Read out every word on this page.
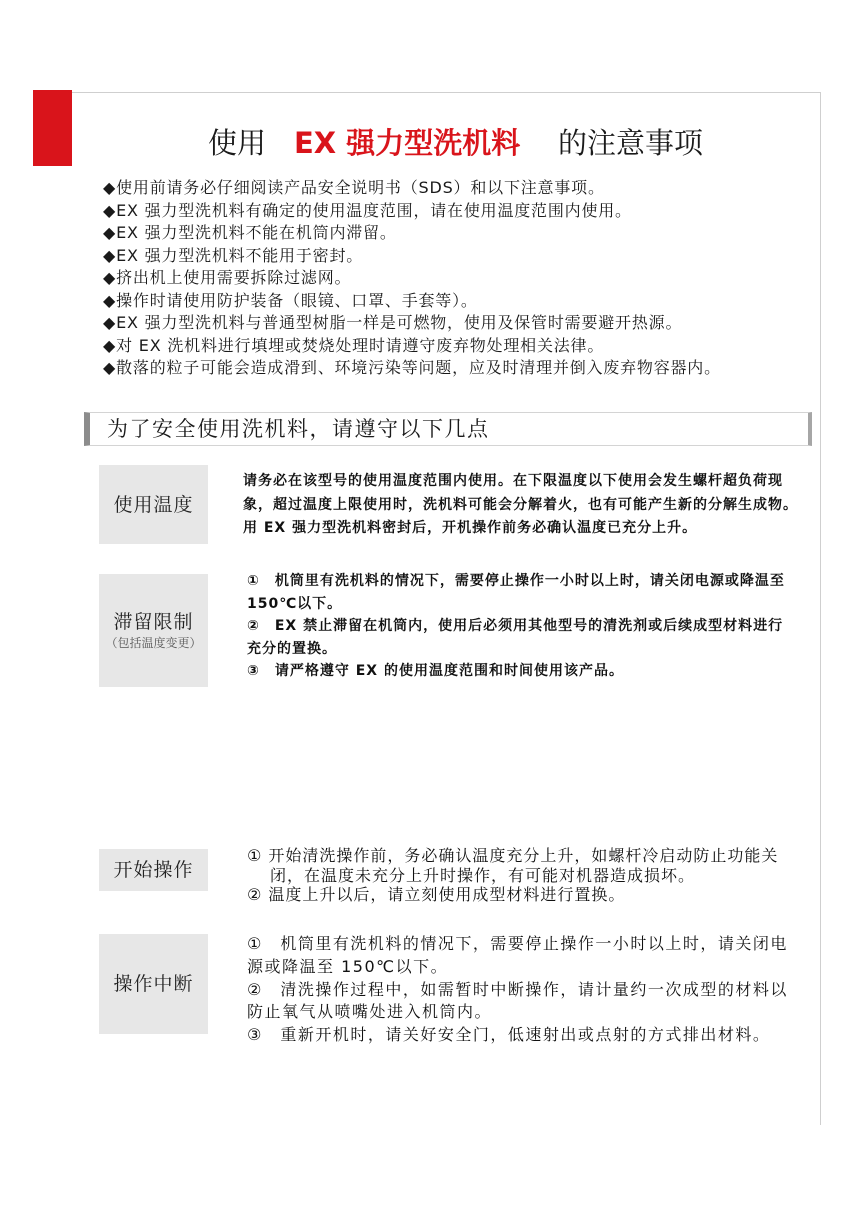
使用 EX 强力型洗机料 的注意事项
◆使用前请务必仔细阅读产品安全说明书（SDS）和以下注意事项。
◆EX 强力型洗机料有确定的使用温度范围，请在使用温度范围内使用。
◆EX 强力型洗机料不能在机筒内滞留。
◆EX 强力型洗机料不能用于密封。
◆挤出机上使用需要拆除过滤网。
◆操作时请使用防护装备（眼镜、口罩、手套等）。
◆EX 强力型洗机料与普通型树脂一样是可燃物，使用及保管时需要避开热源。
◆对 EX 洗机料进行填埋或焚烧处理时请遵守废弃物处理相关法律。
◆散落的粒子可能会造成滑到、环境污染等问题，应及时清理并倒入废弃物容器内。
为了安全使用洗机料，请遵守以下几点
使用温度
请务必在该型号的使用温度范围内使用。在下限温度以下使用会发生螺杆超负荷现
象，超过温度上限使用时，洗机料可能会分解着火，也有可能产生新的分解生成物。
用 EX 强力型洗机料密封后，开机操作前务必确认温度已充分上升。
滞留限制
（包括温度变更）
①　机筒里有洗机料的情况下，需要停止操作一小时以上时，请关闭电源或降温至
150℃以下。
②　EX 禁止滞留在机筒内，使用后必须用其他型号的清洗剂或后续成型材料进行
充分的置换。
③　请严格遵守 EX 的使用温度范围和时间使用该产品。
开始操作
① 开始清洗操作前，务必确认温度充分上升，如螺杆冷启动防止功能关
闭，在温度未充分上升时操作，有可能对机器造成损坏。
② 温度上升以后，请立刻使用成型材料进行置换。
操作中断
①　机筒里有洗机料的情况下，需要停止操作一小时以上时，请关闭电
源或降温至 150℃以下。
②　清洗操作过程中，如需暂时中断操作，请计量约一次成型的材料以
防止氧气从喷嘴处进入机筒内。
③　重新开机时，请关好安全门，低速射出或点射的方式排出材料。
